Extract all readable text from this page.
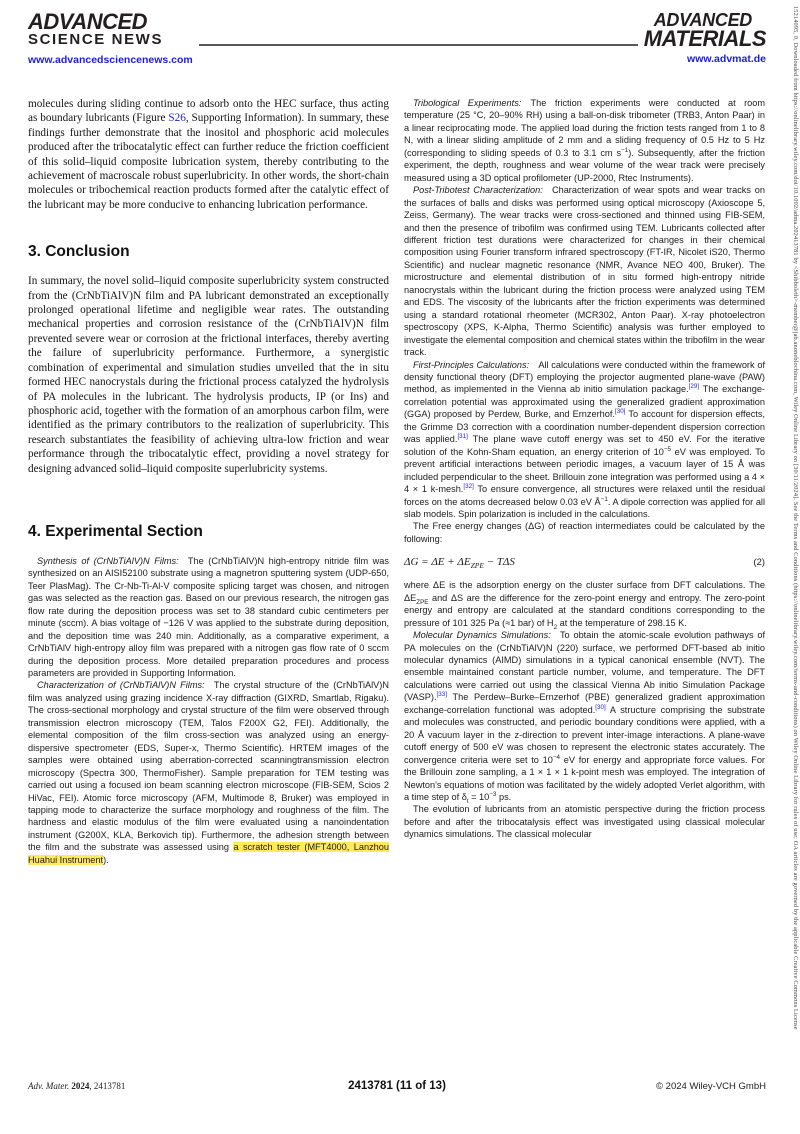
15214095, 0, Downloaded from https://onlinelibrary.wiley.com/doi/10.1002/adma.202413781 by <Shibboleth>-member@jab.anoneblochina.com, Wiley Online Library on [30/11/2024]. See the Terms and Conditions (https://onlinelibrary.wiley.com/terms-and-conditions) on Wiley Online Library for rules of use; OA articles are governed by the applicable Creative Commons License
ADVANCED
SCIENCE NEWS
www.advancedsciencenews.com
ADVANCED
MATERIALS
www.advmat.de

molecules during sliding continue to adsorb onto the HEC surface, thus acting as boundary lubricants (Figure S26, Supporting Information). In summary, these findings further demonstrate that the inositol and phosphoric acid molecules produced after the tribocatalytic effect can further reduce the friction coefficient of this solid–liquid composite lubrication system, thereby contributing to the achievement of macroscale robust superlubricity. In other words, the short-chain molecules or tribochemical reaction products formed after the catalytic effect of the lubricant may be more conducive to enhancing lubrication performance.

3. Conclusion

In summary, the novel solid–liquid composite superlubricity system constructed from the (CrNbTiAlV)N film and PA lubricant demonstrated an exceptionally prolonged operational lifetime and negligible wear rates. The outstanding mechanical properties and corrosion resistance of the (CrNbTiAlV)N film prevented severe wear or corrosion at the frictional interfaces, thereby averting the failure of superlubricity performance. Furthermore, a synergistic combination of experimental and simulation studies unveiled that the in situ formed HEC nanocrystals during the frictional process catalyzed the hydrolysis of PA molecules in the lubricant. The hydrolysis products, IP (or Ins) and phosphoric acid, together with the formation of an amorphous carbon film, were identified as the primary contributors to the realization of superlubricity. This research substantiates the feasibility of achieving ultra-low friction and wear performance through the tribocatalytic effect, providing a novel strategy for designing advanced solid–liquid composite superlubricity systems.

4. Experimental Section

Synthesis of (CrNbTiAlV)N Films: The (CrNbTiAlV)N high-entropy nitride film was synthesized on an AISI52100 substrate using a magnetron sputtering system (UDP-650, Teer PlasMag). The Cr-Nb-Ti-Al-V composite splicing target was chosen, and nitrogen gas was selected as the reaction gas. Based on our previous research, the nitrogen gas flow rate during the deposition process was set to 38 standard cubic centimeters per minute (sccm). A bias voltage of −126 V was applied to the substrate during deposition, and the deposition time was 240 min. Additionally, as a comparative experiment, a CrNbTiAlV high-entropy alloy film was prepared with a nitrogen gas flow rate of 0 sccm during the deposition process. More detailed preparation procedures and process parameters are provided in Supporting Information.

Characterization of (CrNbTiAlV)N Films: The crystal structure of the (CrNbTiAlV)N film was analyzed using grazing incidence X-ray diffraction (GIXRD, Smartlab, Rigaku). The cross-sectional morphology and crystal structure of the film were observed through transmission electron microscopy (TEM, Talos F200X G2, FEI). Additionally, the elemental composition of the film cross-section was analyzed using an energy-dispersive spectrometer (EDS, Super-x, Thermo Scientific). HRTEM images of the samples were obtained using aberration-corrected scanningtransmission electron microscopy (Spectra 300, ThermoFisher). Sample preparation for TEM testing was carried out using a focused ion beam scanning electron microscope (FIB-SEM, Scios 2 HiVac, FEI). Atomic force microscopy (AFM, Multimode 8, Bruker) was employed in tapping mode to characterize the surface morphology and roughness of the film. The hardness and elastic modulus of the film were evaluated using a nanoindentation instrument (G200X, KLA, Berkovich tip). Furthermore, the adhesion strength between the film and the substrate was assessed using a scratch tester (MFT4000, Lanzhou Huahui Instrument).

Tribological Experiments: The friction experiments were conducted at room temperature (25 °C, 20–90% RH) using a ball-on-disk tribometer (TRB3, Anton Paar) in a linear reciprocating mode. The applied load during the friction tests ranged from 1 to 8 N, with a linear sliding amplitude of 2 mm and a sliding frequency of 0.5 Hz to 5 Hz (corresponding to sliding speeds of 0.3 to 3.1 cm $s^{-1}$). Subsequently, after the friction experiment, the depth, roughness and wear volume of the wear track were precisely measured using a 3D optical profilometer (UP-2000, Rtec Instruments).

Post-Tribotest Characterization: Characterization of wear spots and wear tracks on the surfaces of balls and disks was performed using optical microscopy (Axioscope 5, Zeiss, Germany). The wear tracks were cross-sectioned and thinned using FIB-SEM, and then the presence of tribofilm was confirmed using TEM. Lubricants collected after different friction test durations were characterized for changes in their chemical composition using Fourier transform infrared spectroscopy (FT-IR, Nicolet iS20, Thermo Scientific) and nuclear magnetic resonance (NMR, Avance NEO 400, Bruker). The microstructure and elemental distribution of in situ formed high-entropy nitride nanocrystals within the lubricant during the friction process were analyzed using TEM and EDS. The viscosity of the lubricants after the friction experiments was determined using a standard rotational rheometer (MCR302, Anton Paar). X-ray photoelectron spectroscopy (XPS, K-Alpha, Thermo Scientific) analysis was further employed to investigate the elemental composition and chemical states within the tribofilm in the wear track.

First-Principles Calculations: All calculations were conducted within the framework of density functional theory (DFT) employing the projector augmented plane-wave (PAW) method, as implemented in the Vienna ab initio simulation package.[29] The exchange-correlation potential was approximated using the generalized gradient approximation (GGA) proposed by Perdew, Burke, and Ernzerhof.[30] To account for dispersion effects, the Grimme D3 correction with a coordination number-dependent dispersion correction was applied.[31] The plane wave cutoff energy was set to 450 eV. For the iterative solution of the Kohn-Sham equation, an energy criterion of $10^{-5}$ eV was employed. To prevent artificial interactions between periodic images, a vacuum layer of 15 Å was included perpendicular to the sheet. Brillouin zone integration was performed using a 4 × 4 × 1 k-mesh.[32] To ensure convergence, all structures were relaxed until the residual forces on the atoms decreased below 0.03 eV $Å^{-1}$. A dipole correction was applied for all slab models. Spin polarization is included in the calculations.

The Free energy changes (ΔG) of reaction intermediates could be calculated by the following:

$\Delta G = \Delta E + \Delta E_{ZPE} - T\Delta S$	(2)

where ΔE is the adsorption energy on the cluster surface from DFT calculations. The $\Delta E_{ZPE}$ and ΔS are the difference for the zero-point energy and entropy. The zero-point energy and entropy are calculated at the standard conditions corresponding to the pressure of 101 325 Pa (≈1 bar) of $H_2$ at the temperature of 298.15 K.

Molecular Dynamics Simulations: To obtain the atomic-scale evolution pathways of PA molecules on the (CrNbTiAlV)N (220) surface, we performed DFT-based ab initio molecular dynamics (AIMD) simulations in a typical canonical ensemble (NVT). The ensemble maintained constant particle number, volume, and temperature. The DFT calculations were carried out using the classical Vienna Ab initio Simulation Package (VASP).[33] The Perdew–Burke–Ernzerhof (PBE) generalized gradient approximation exchange-correlation functional was adopted.[30] A structure comprising the substrate and molecules was constructed, and periodic boundary conditions were applied, with a 20 Å vacuum layer in the z-direction to prevent inter-image interactions. A plane-wave cutoff energy of 500 eV was chosen to represent the electronic states accurately. The convergence criteria were set to $10^{-4}$ eV for energy and appropriate force values. For the Brillouin zone sampling, a 1 × 1 × 1 k-point mesh was employed. The integration of Newton's equations of motion was facilitated by the widely adopted Verlet algorithm, with a time step of $\delta_t = 10^{-3}$ ps.

The evolution of lubricants from an atomistic perspective during the friction process before and after the tribocatalysis effect was investigated using classical molecular dynamics simulations. The classical molecular

Adv. Mater. 2024, 2413781	2413781 (11 of 13)	© 2024 Wiley-VCH GmbH
